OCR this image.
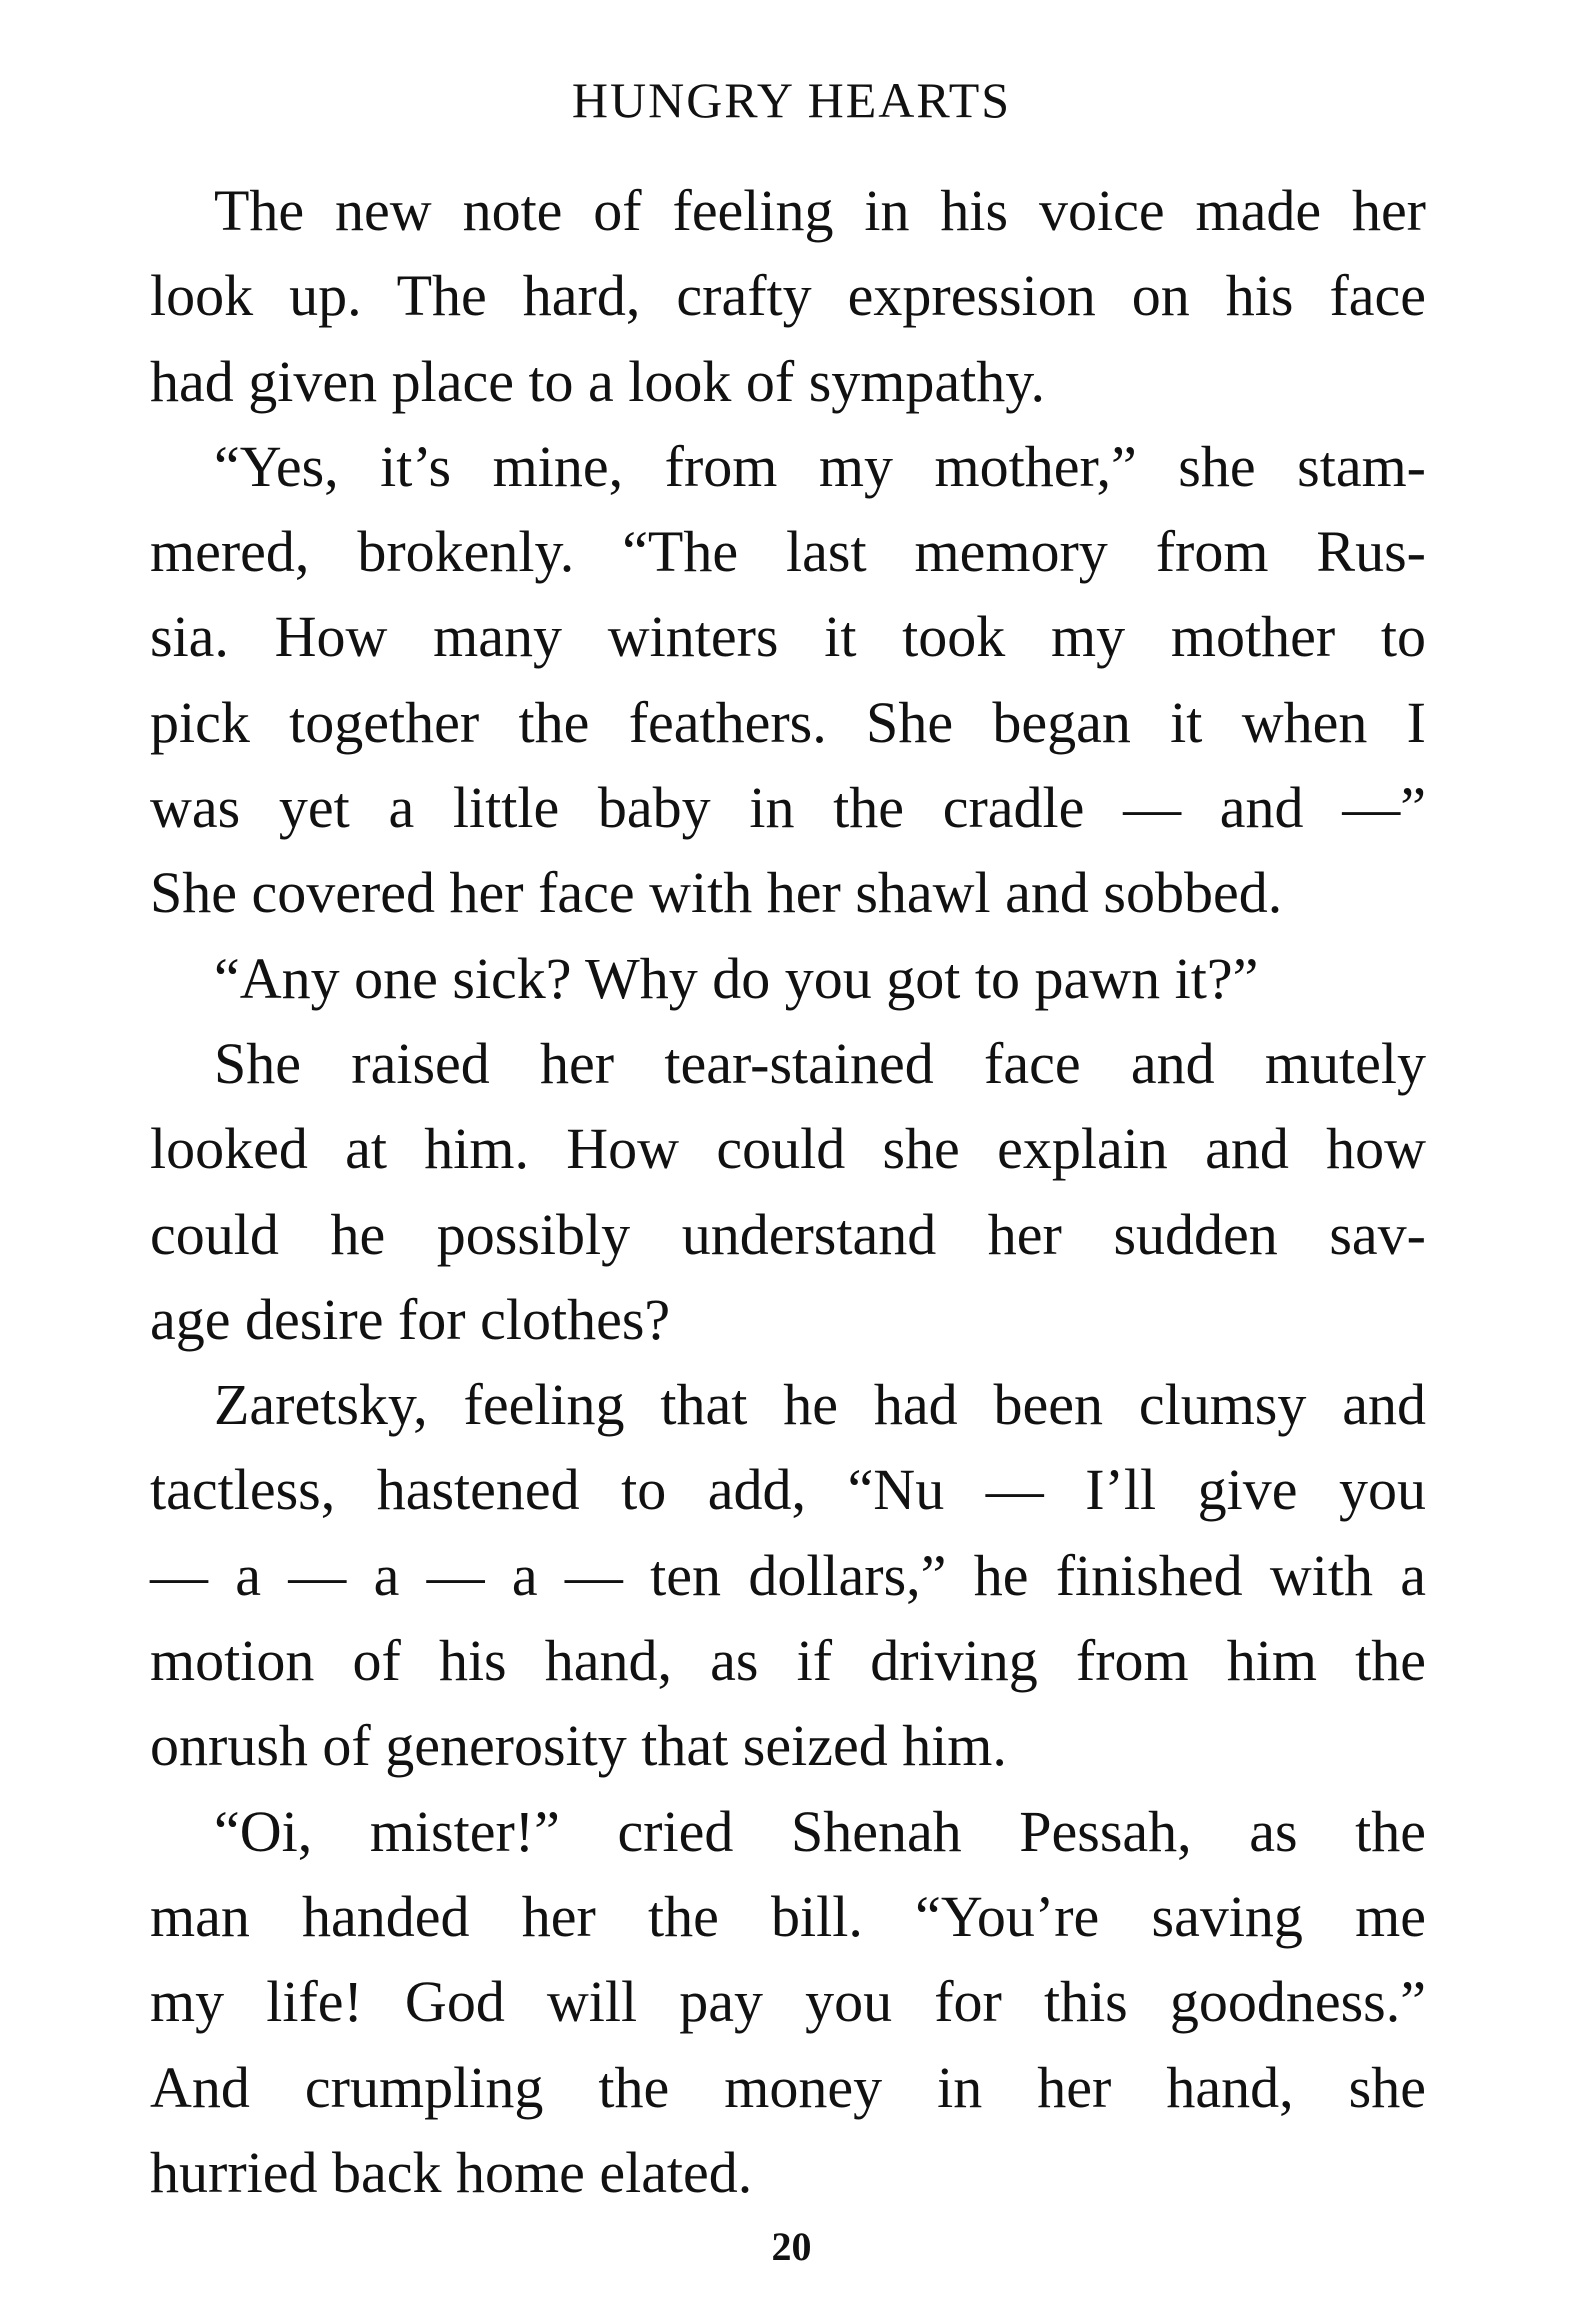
HUNGRY HEARTS
The new note of feeling in his voice made her
look up. The hard, crafty expression on his face
had given place to a look of sympathy.
“Yes, it’s mine, from my mother,” she stam-
mered, brokenly. “The last memory from Rus-
sia. How many winters it took my mother to
pick together the feathers. She began it when I
was yet a little baby in the cradle — and —”
She covered her face with her shawl and sobbed.
“Any one sick? Why do you got to pawn it?”
She raised her tear-stained face and mutely
looked at him. How could she explain and how
could he possibly understand her sudden sav-
age desire for clothes?
Zaretsky, feeling that he had been clumsy and
tactless, hastened to add, “Nu — I’ll give you
— a — a — a — ten dollars,” he finished with a
motion of his hand, as if driving from him the
onrush of generosity that seized him.
“Oi, mister!” cried Shenah Pessah, as the
man handed her the bill. “You’re saving me
my life! God will pay you for this goodness.”
And crumpling the money in her hand, she
hurried back home elated.
20
